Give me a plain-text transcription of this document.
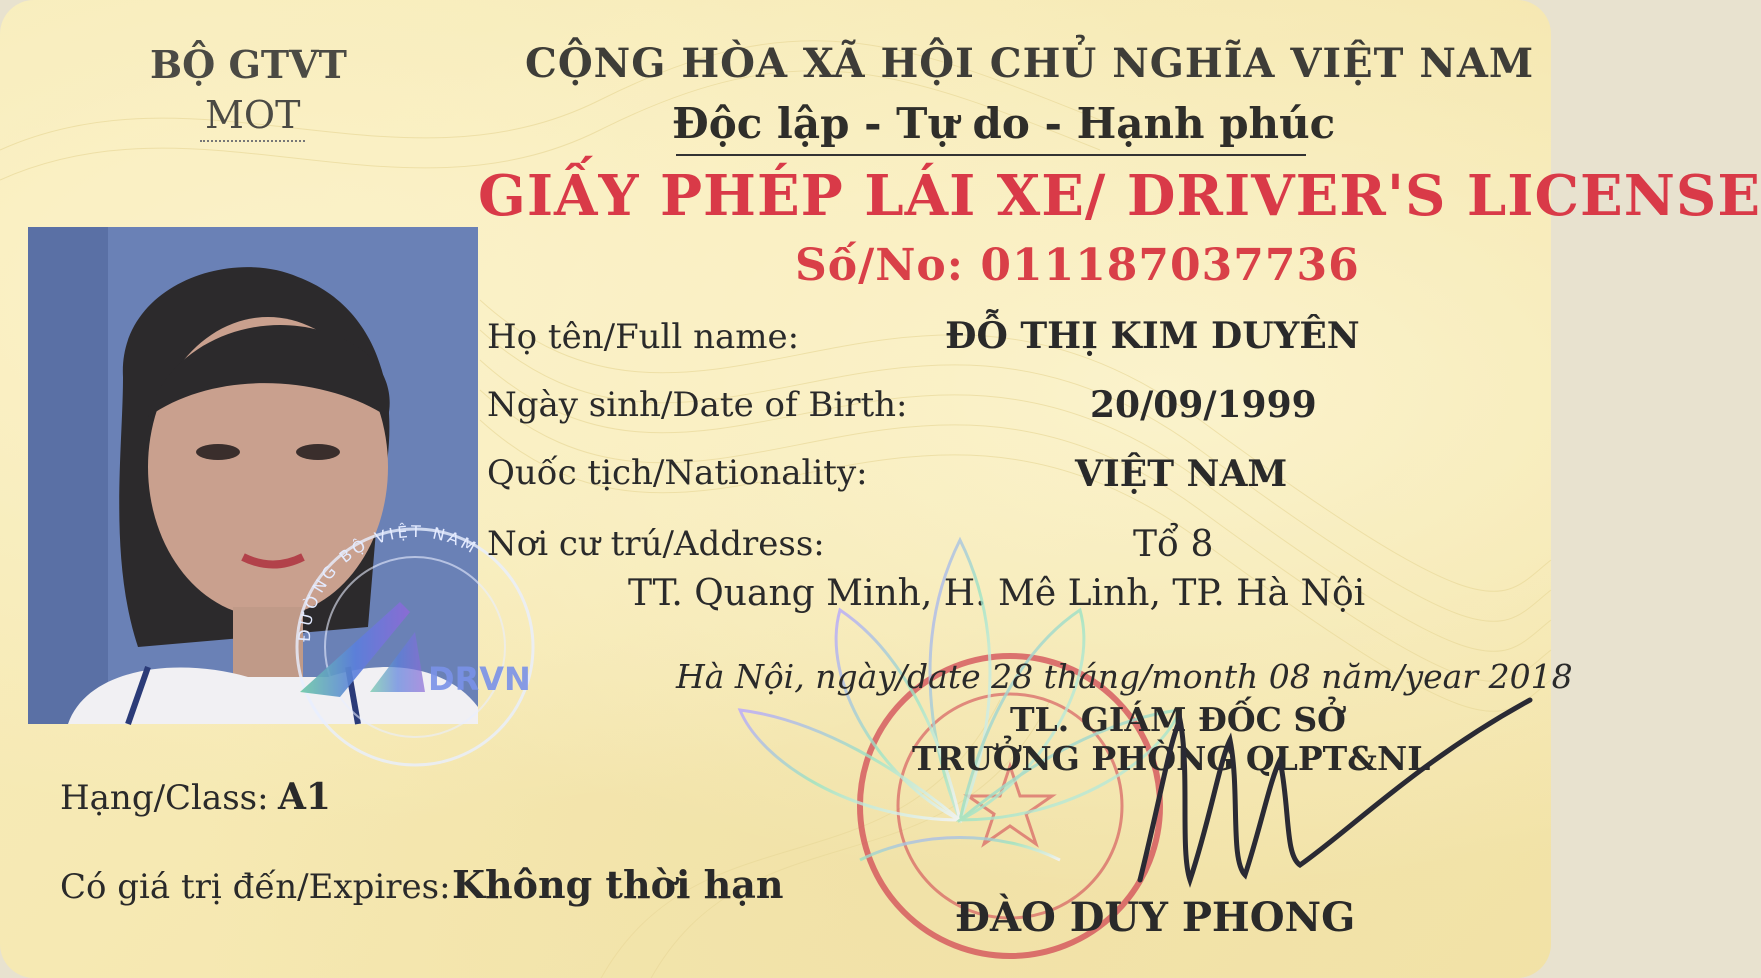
BỘ GTVT
MOT
CỘNG HÒA XÃ HỘI CHỦ NGHĨA VIỆT NAM
Độc lập - Tự do - Hạnh phúc
GIẤY PHÉP LÁI XE/ DRIVER'S LICENSE
Số/No: 011187037736
ĐƯỜNG BỘ VIỆT NAM
DRVN
Họ tên/Full name:	ĐỖ THỊ KIM DUYÊN
Ngày sinh/Date of Birth:	20/09/1999
Quốc tịch/Nationality:	VIỆT NAM
Nơi cư trú/Address:	Tổ 8
TT. Quang Minh, H. Mê Linh, TP. Hà Nội
Hà Nội, ngày/date 28 tháng/month 08 năm/year 2018
TL. GIÁM ĐỐC SỞ
TRƯỞNG PHÒNG QLPT&NL
ĐÀO DUY PHONG
Hạng/Class: A1
Có giá trị đến/Expires: Không thời hạn
